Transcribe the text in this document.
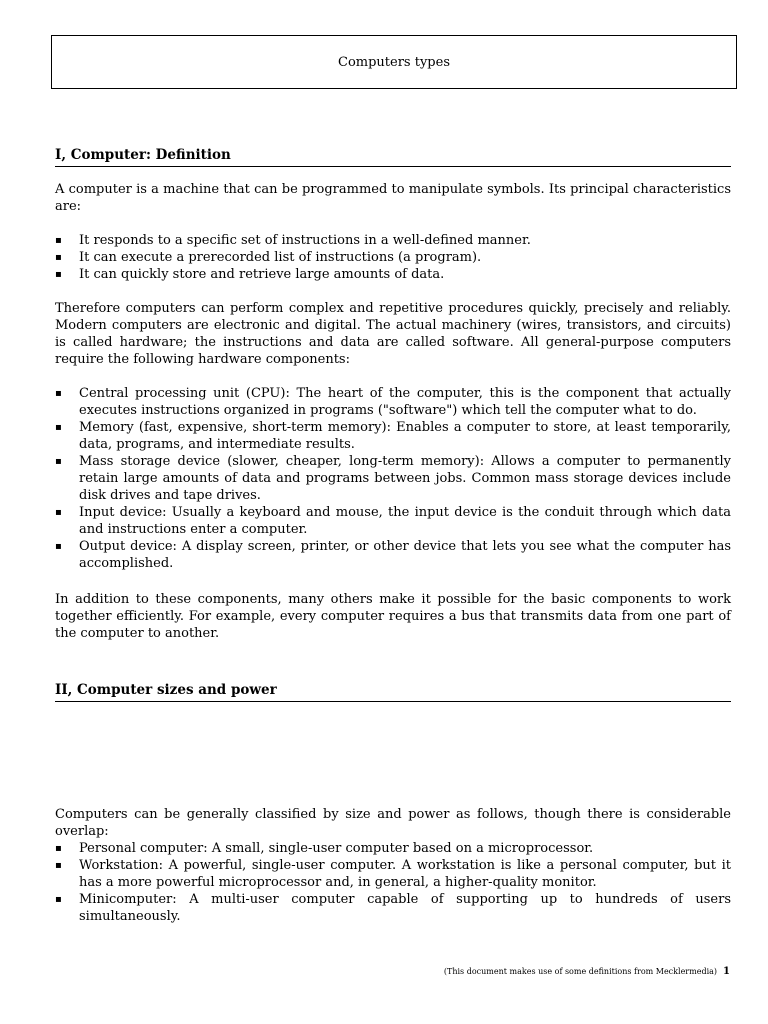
Computers types
I, Computer: Definition

A computer is a machine that can be programmed to manipulate symbols. Its principal characteristics are:

▪ It responds to a specific set of instructions in a well-defined manner.
▪ It can execute a prerecorded list of instructions (a program).
▪ It can quickly store and retrieve large amounts of data.

Therefore computers can perform complex and repetitive procedures quickly, precisely and reliably. Modern computers are electronic and digital. The actual machinery (wires, transistors, and circuits) is called hardware; the instructions and data are called software. All general-purpose computers require the following hardware components:

▪ Central processing unit (CPU): The heart of the computer, this is the component that actually executes instructions organized in programs ("software") which tell the computer what to do.
▪ Memory (fast, expensive, short-term memory): Enables a computer to store, at least temporarily, data, programs, and intermediate results.
▪ Mass storage device (slower, cheaper, long-term memory): Allows a computer to permanently retain large amounts of data and programs between jobs. Common mass storage devices include disk drives and tape drives.
▪ Input device: Usually a keyboard and mouse, the input device is the conduit through which data and instructions enter a computer.
▪ Output device: A display screen, printer, or other device that lets you see what the computer has accomplished.

In addition to these components, many others make it possible for the basic components to work together efficiently. For example, every computer requires a bus that transmits data from one part of the computer to another.

II, Computer sizes and power

Computers can be generally classified by size and power as follows, though there is considerable overlap:

▪ Personal computer: A small, single-user computer based on a microprocessor.
▪ Workstation: A powerful, single-user computer. A workstation is like a personal computer, but it has a more powerful microprocessor and, in general, a higher-quality monitor.
▪ Minicomputer: A multi-user computer capable of supporting up to hundreds of users simultaneously.
(This document makes use of some definitions from Mecklermedia) 1
